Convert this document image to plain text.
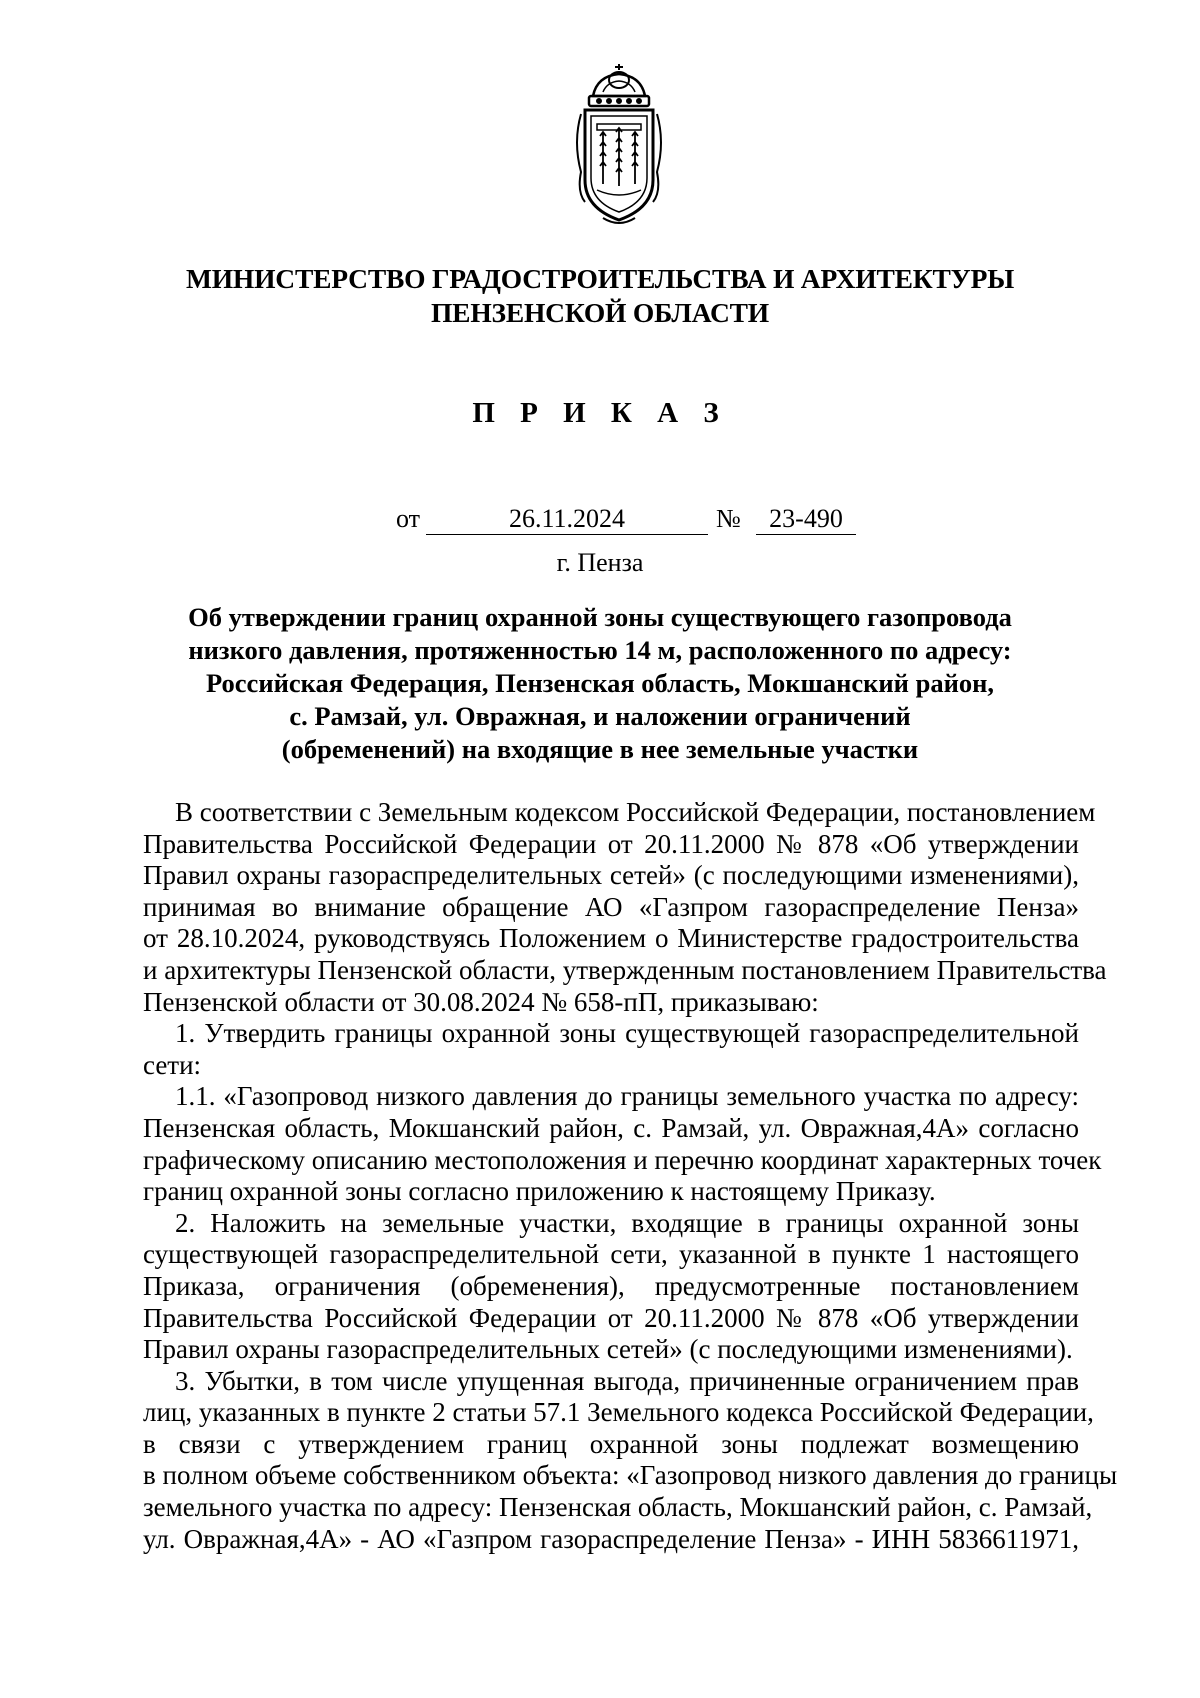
МИНИСТЕРСТВО ГРАДОСТРОИТЕЛЬСТВА И АРХИТЕКТУРЫ
ПЕНЗЕНСКОЙ ОБЛАСТИ
П Р И К А З
от	26.11.2024	№	23-490
г. Пенза
Об утверждении границ охранной зоны существующего газопровода
низкого давления, протяженностью 14 м, расположенного по адресу:
Российская Федерация, Пензенская область, Мокшанский район,
с. Рамзай, ул. Овражная, и наложении ограничений
(обременений) на входящие в нее земельные участки
В соответствии с Земельным кодексом Российской Федерации, постановлением
Правительства Российской Федерации от 20.11.2000 № 878 «Об утверждении
Правил охраны газораспределительных сетей» (с последующими изменениями),
принимая во внимание обращение АО «Газпром газораспределение Пенза»
от 28.10.2024, руководствуясь Положением о Министерстве градостроительства
и архитектуры Пензенской области, утвержденным постановлением Правительства
Пензенской области от 30.08.2024 № 658-пП, приказываю:
1. Утвердить границы охранной зоны существующей газораспределительной
сети:
1.1. «Газопровод низкого давления до границы земельного участка по адресу:
Пензенская область, Мокшанский район, с. Рамзай, ул. Овражная,4А» согласно
графическому описанию местоположения и перечню координат характерных точек
границ охранной зоны согласно приложению к настоящему Приказу.
2. Наложить на земельные участки, входящие в границы охранной зоны
существующей газораспределительной сети, указанной в пункте 1 настоящего
Приказа, ограничения (обременения), предусмотренные постановлением
Правительства Российской Федерации от 20.11.2000 № 878 «Об утверждении
Правил охраны газораспределительных сетей» (с последующими изменениями).
3. Убытки, в том числе упущенная выгода, причиненные ограничением прав
лиц, указанных в пункте 2 статьи 57.1 Земельного кодекса Российской Федерации,
в связи с утверждением границ охранной зоны подлежат возмещению
в полном объеме собственником объекта: «Газопровод низкого давления до границы
земельного участка по адресу: Пензенская область, Мокшанский район, с. Рамзай,
ул. Овражная,4А» - АО «Газпром газораспределение Пенза» - ИНН 5836611971,
